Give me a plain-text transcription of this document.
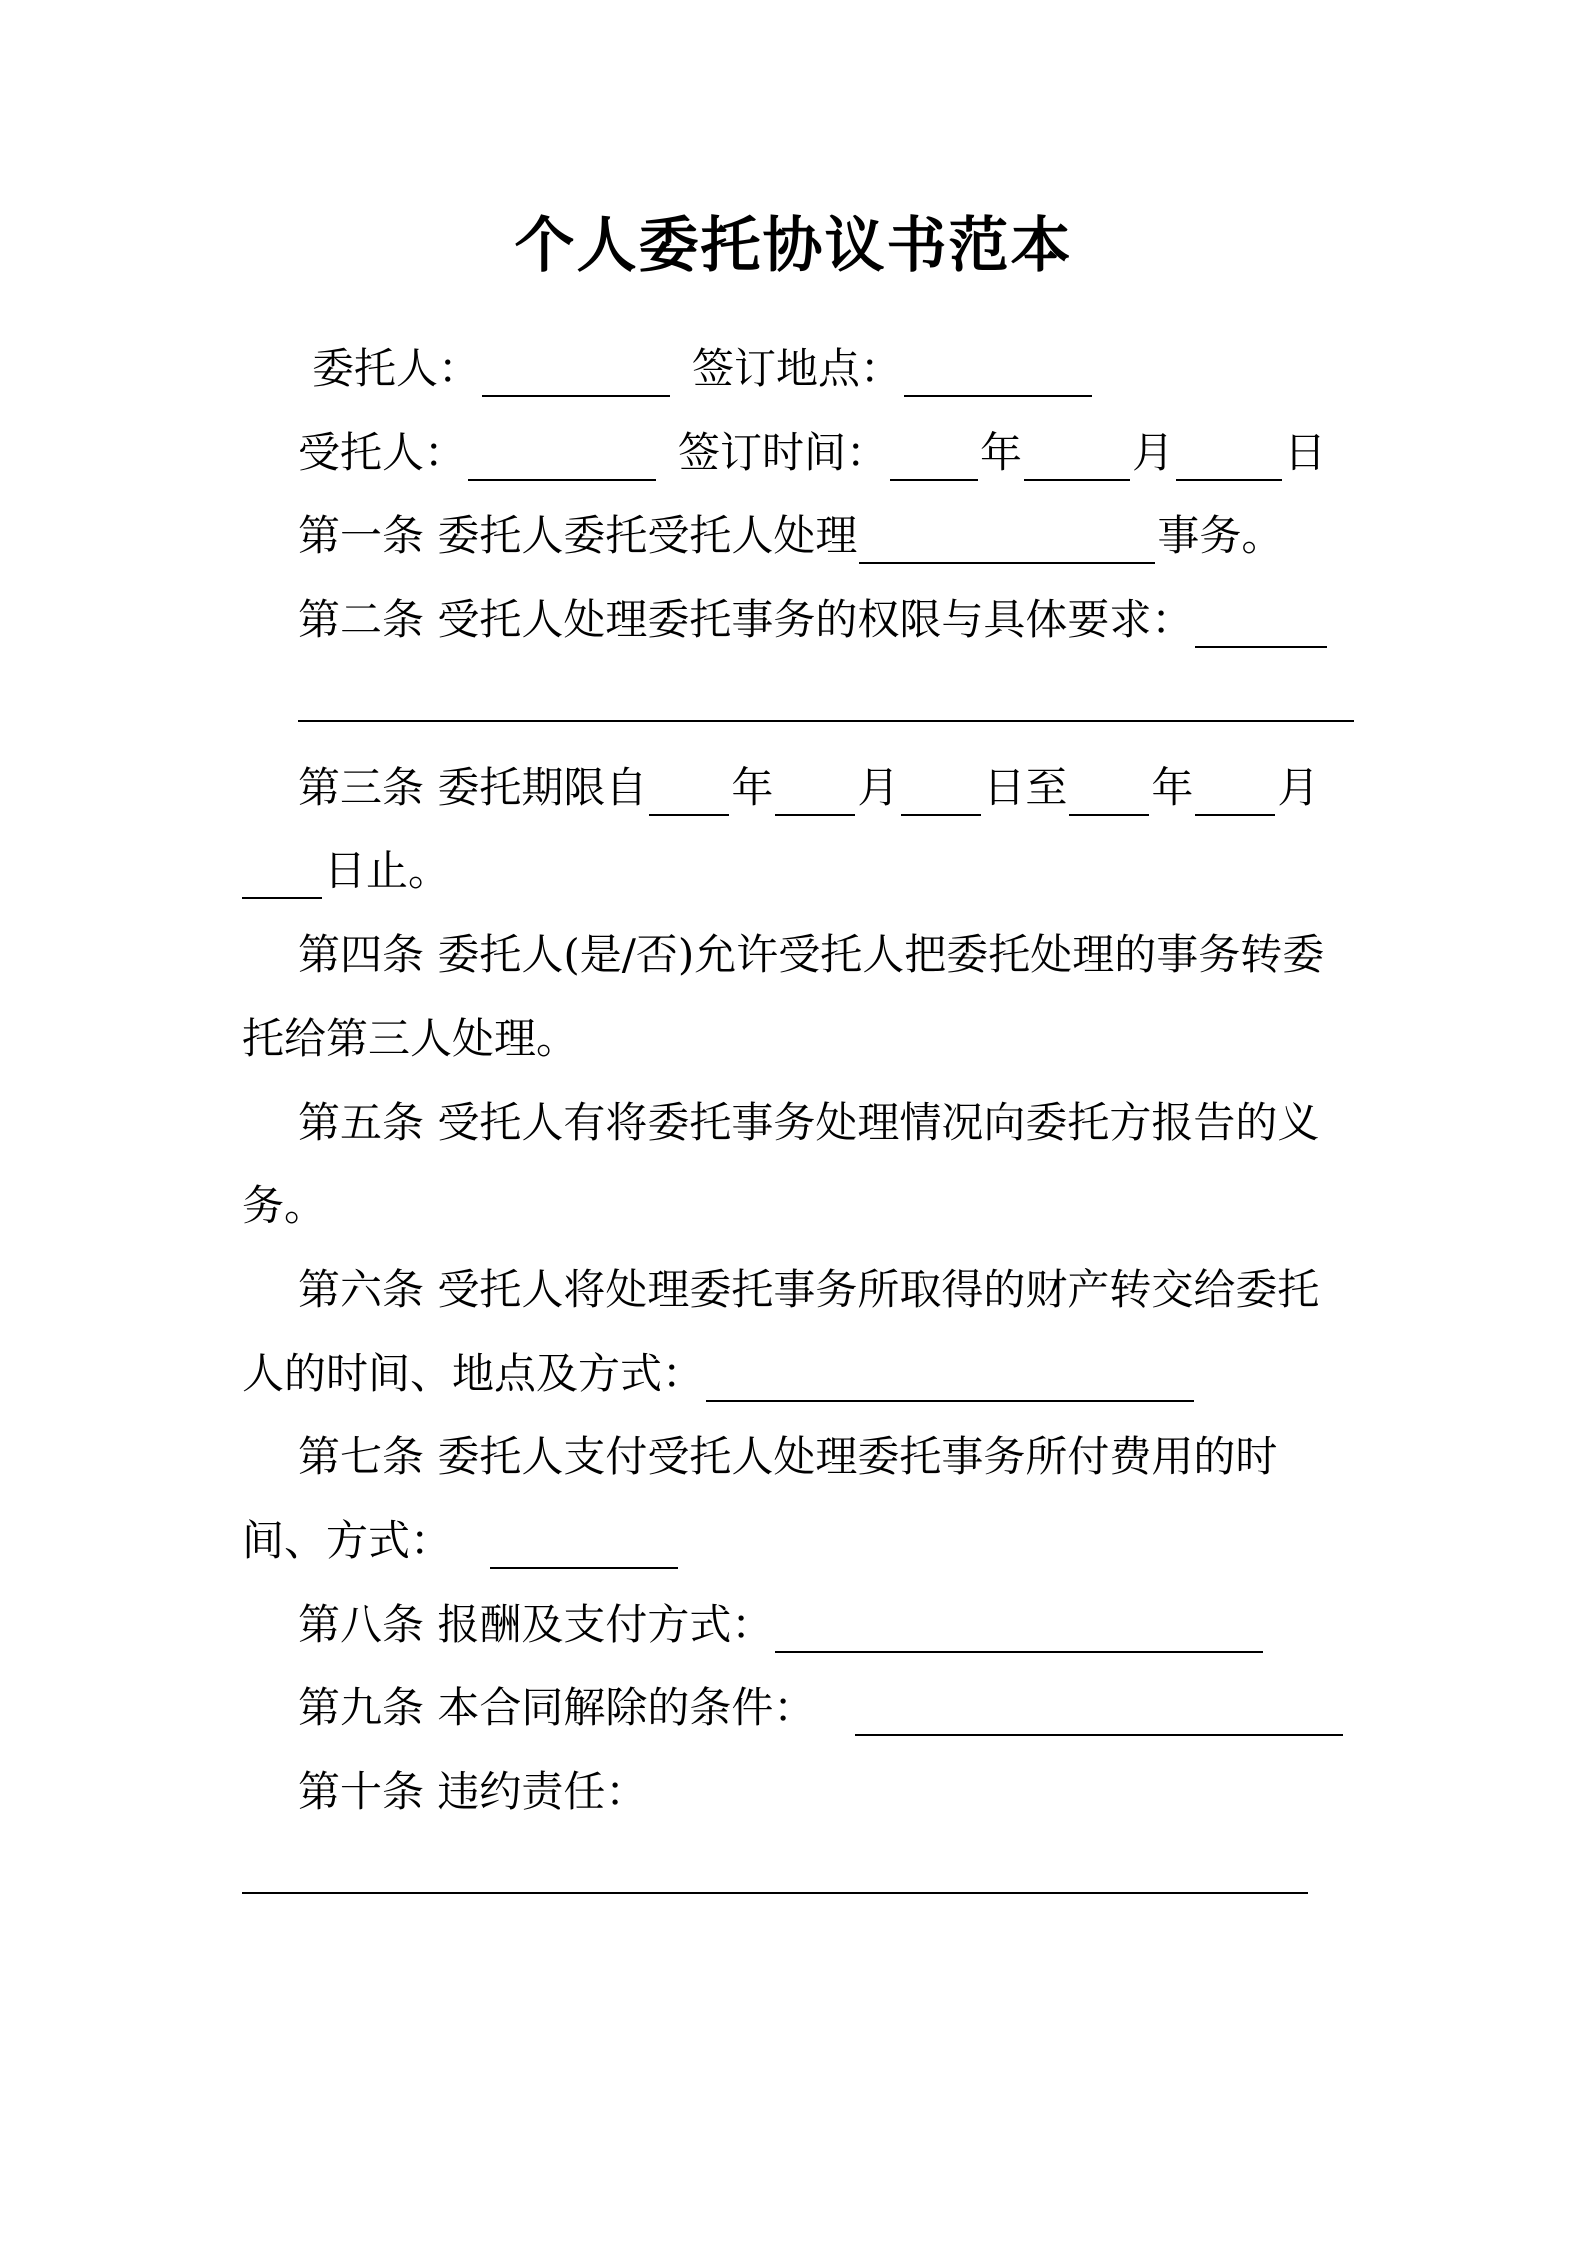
个人委托协议书范本
委托人：	签订地点：
受托人：	签订时间： 年	月	日
第一条 委托人委托受托人处理	事务。
第二条 受托人处理委托事务的权限与具体要求：
第三条 委托期限自 年 月 日至 年 月
日止。
第四条 委托人(是/否)允许受托人把委托处理的事务转委
托给第三人处理。
第五条 受托人有将委托事务处理情况向委托方报告的义
务。
第六条 受托人将处理委托事务所取得的财产转交给委托
人的时间、地点及方式：
第七条 委托人支付受托人处理委托事务所付费用的时
间、方式：
第八条 报酬及支付方式：
第九条 本合同解除的条件：
第十条 违约责任：
